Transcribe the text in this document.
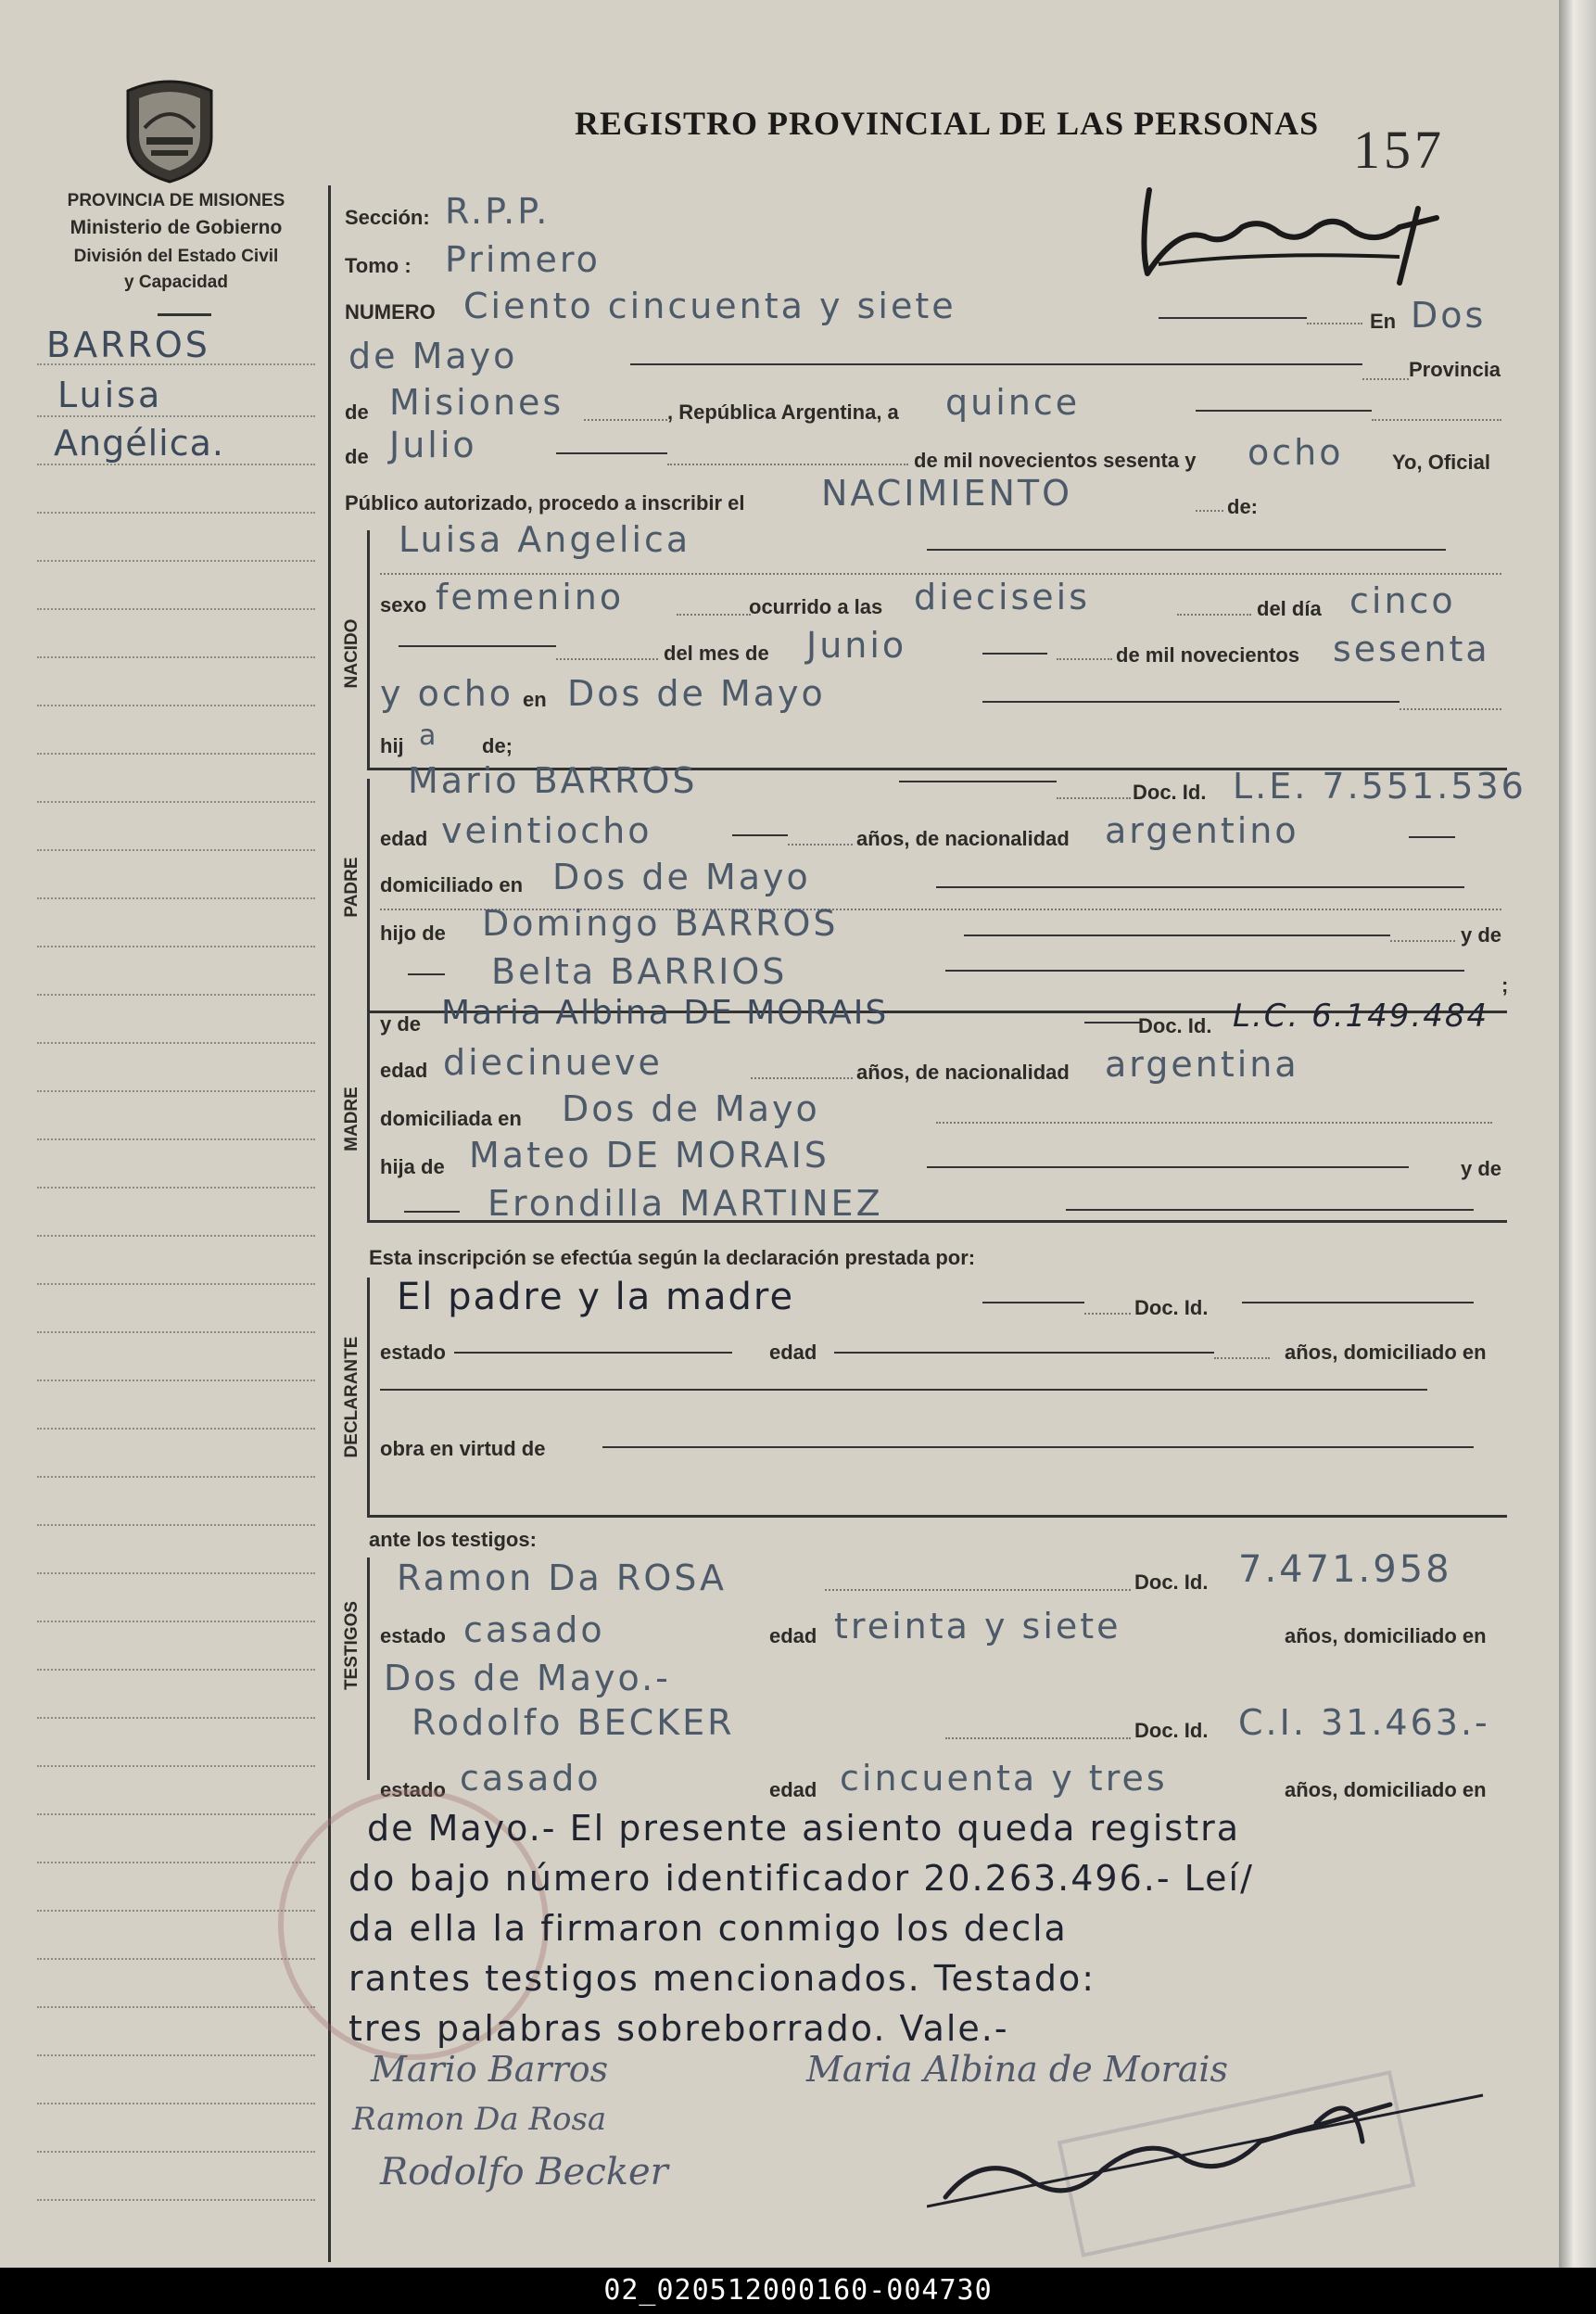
PROVINCIA DE MISIONES
Ministerio de Gobierno
División del Estado Civil
y Capacidad
REGISTRO PROVINCIAL DE LAS PERSONAS 157
BARROS
Luisa
Angélica.
Sección: R.P.P.
Tomo : Primero
NUMERO Ciento cincuenta y siete	En Dos
de Mayo	Provincia
de Misiones	, República Argentina, a quince
de Julio	de mil novecientos sesenta y ocho Yo, Oficial
Público autorizado, procedo a inscribir el NACIMIENTO	de:
NACIDO
Luisa Angelica
sexo femenino	ocurrido a las dieciseis	del día cinco
del mes de Junio	de mil novecientos sesenta
y ocho en Dos de Mayo
hij a de;
PADRE
Mario BARROS	Doc. Id. L.E. 7.551.536
edad veintiocho	años, de nacionalidad argentino
domiciliado en Dos de Mayo
hijo de Domingo BARROS	y de
Belta BARRIOS	;
MADRE
y de Maria Albina DE MORAIS	Doc. Id. L.C. 6.149.484
edad diecinueve	años, de nacionalidad argentina
domiciliada en Dos de Mayo
hija de Mateo DE MORAIS	y de
Erondilla MARTINEZ
Esta inscripción se efectúa según la declaración prestada por:
DECLARANTE
El padre y la madre	Doc. Id.
estado	edad	años, domiciliado en
obra en virtud de
ante los testigos:
TESTIGOS
Ramon Da ROSA	Doc. Id. 7.471.958
estado casado	edad treinta y siete	años, domiciliado en
Dos de Mayo.-
Rodolfo BECKER	Doc. Id. C.I. 31.463.-
estado casado	edad cincuenta y tres	años, domiciliado en
de Mayo.- El presente asiento queda registra
do bajo número identificador 20.263.496.- Leí/
da ella la firmaron conmigo los decla
rantes testigos mencionados. Testado:
tres palabras sobreborrado. Vale.-
Mario Barros	Maria Albina de Morais
Ramon Da Rosa
Rodolfo Becker
02_020512000160-004730
